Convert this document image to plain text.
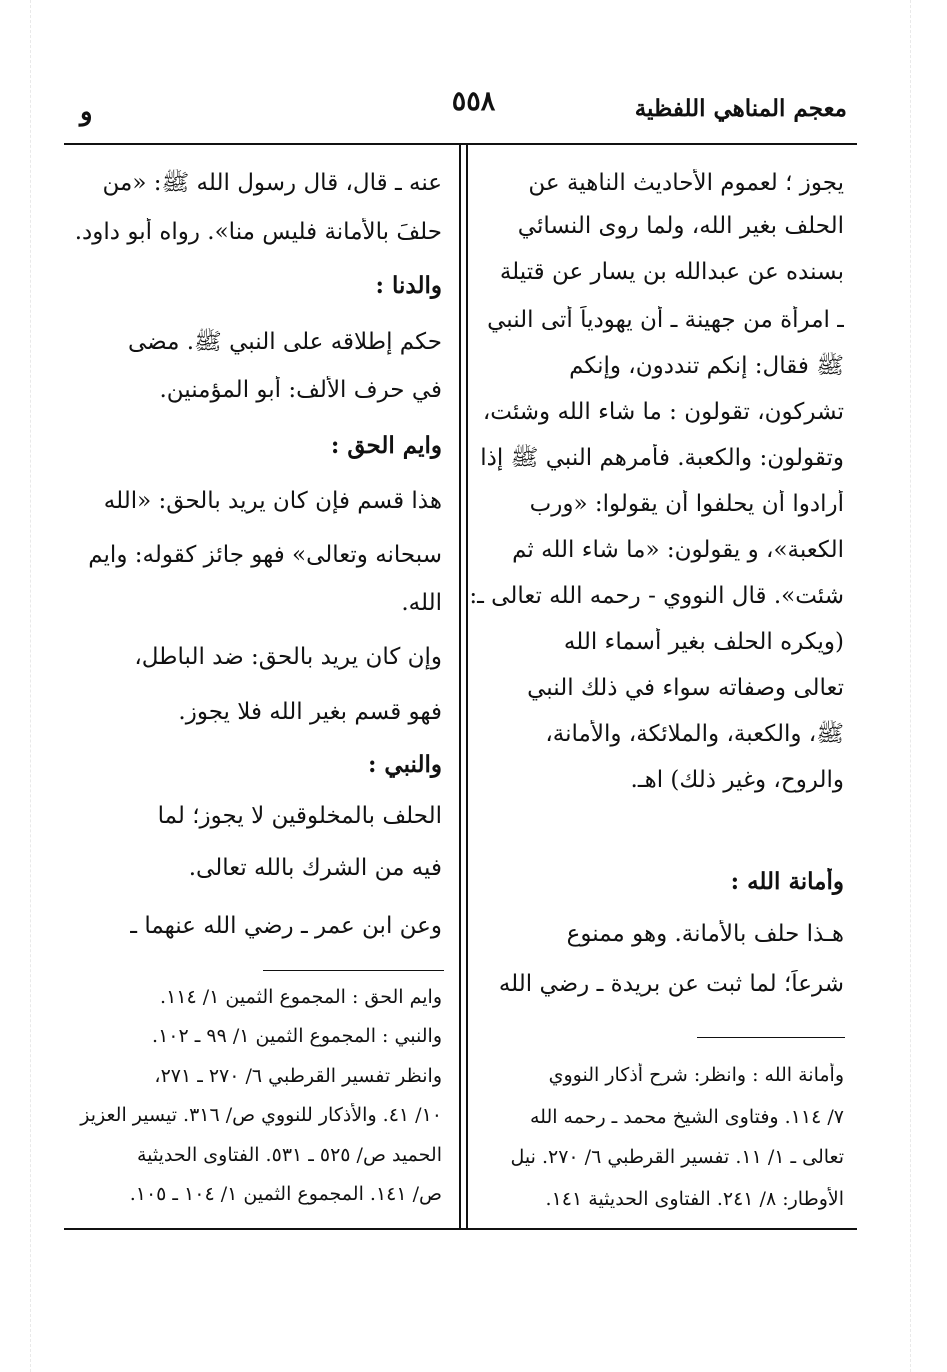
معجم المناهي اللفظية
٥٥٨
و
يجوز ؛ لعموم الأحاديث الناهية عن
الحلف بغير الله، ولما روى النسائي
بسنده عن عبدالله بن يسار عن قتيلة
ـ امرأة من جهينة ـ أن يهودياً أتى النبي
ﷺ فقال: إنكم تنددون، وإنكم
تشركون، تقولون : ما شاء الله وشئت،
وتقولون: والكعبة. فأمرهم النبي ﷺ إذا
أرادوا أن يحلفوا أن يقولوا: «ورب
الكعبة»، و يقولون: «ما شاء الله ثم
شئت». قال النووي - رحمه الله تعالى ـ:
(ويكره الحلف بغير أسماء الله
تعالى وصفاته سواء في ذلك النبي
ﷺ، والكعبة، والملائكة، والأمانة،
والروح، وغير ذلك) اهـ.
وأمانة الله :
هـذا حلف بالأمانة. وهو ممنوع
شرعاً؛ لما ثبت عن بريدة ـ رضي الله
وأمانة الله : وانظر: شرح أذكار النووي
٧/ ١١٤. وفتاوى الشيخ محمد ـ رحمه الله
تعالى ـ ١/ ١١. تفسير القرطبي ٦/ ٢٧٠. نيل
الأوطار: ٨/ ٢٤١. الفتاوى الحديثية ١٤١.
عنه ـ قال، قال رسول الله ﷺ: «من
حلفَ بالأمانة فليس منا». رواه أبو داود.
والدنا :
حكم إطلاقه على النبي ﷺ. مضى
في حرف الألف: أبو المؤمنين.
وايم الحق :
هذا قسم فإن كان يريد بالحق: «الله
سبحانه وتعالى» فهو جائز كقوله: وايم
الله.
وإن كان يريد بالحق: ضد الباطل،
فهو قسم بغير الله فلا يجوز.
والنبي :
الحلف بالمخلوقين لا يجوز؛ لما
فيه من الشرك بالله تعالى.
وعن ابن عمر ـ رضي الله عنهما ـ
وايم الحق : المجموع الثمين ١/ ١١٤.
والنبي : المجموع الثمين ١/ ٩٩ ـ ١٠٢.
وانظر تفسير القرطبي ٦/ ٢٧٠ ـ ٢٧١،
١٠/ ٤١. والأذكار للنووي ص/ ٣١٦. تيسير العزيز
الحميد ص/ ٥٢٥ ـ ٥٣١. الفتاوى الحديثية
ص/ ١٤١. المجموع الثمين ١/ ١٠٤ ـ ١٠٥.
